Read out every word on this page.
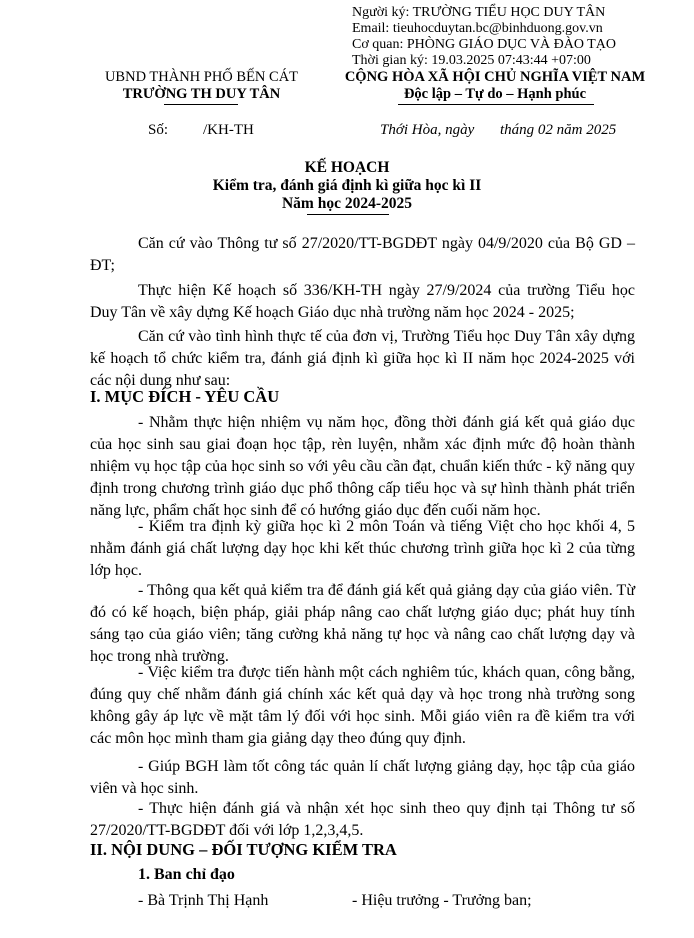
Người ký: TRƯỜNG TIỂU HỌC DUY TÂN
Email: tieuhocduytan.bc@binhduong.gov.vn
Cơ quan: PHÒNG GIÁO DỤC VÀ ĐÀO TẠO
Thời gian ký: 19.03.2025 07:43:44 +07:00
UBND THÀNH PHỐ BẾN CÁT
TRƯỜNG TH DUY TÂN
CỘNG HÒA XÃ HỘI CHỦ NGHĨA VIỆT NAM
Độc lập – Tự do – Hạnh phúc
Số: /KH-TH	Thới Hòa, ngày tháng 02 năm 2025
KẾ HOẠCH
Kiểm tra, đánh giá định kì giữa học kì II
Năm học 2024-2025
Căn cứ vào Thông tư số 27/2020/TT-BGDĐT ngày 04/9/2020 của Bộ GD –ĐT;
Thực hiện Kế hoạch số 336/KH-TH ngày 27/9/2024 của trường Tiểu học Duy Tân về xây dựng Kế hoạch Giáo dục nhà trường năm học 2024 - 2025;
Căn cứ vào tình hình thực tế của đơn vị, Trường Tiểu học Duy Tân xây dựng kế hoạch tổ chức kiểm tra, đánh giá định kì giữa học kì II năm học 2024-2025 với các nội dung như sau:
I. MỤC ĐÍCH - YÊU CẦU
- Nhằm thực hiện nhiệm vụ năm học, đồng thời đánh giá kết quả giáo dục của học sinh sau giai đoạn học tập, rèn luyện, nhằm xác định mức độ hoàn thành nhiệm vụ học tập của học sinh so với yêu cầu cần đạt, chuẩn kiến thức - kỹ năng quy định trong chương trình giáo dục phổ thông cấp tiểu học và sự hình thành phát triển năng lực, phẩm chất học sinh để có hướng giáo dục đến cuối năm học.
- Kiểm tra định kỳ giữa học kì 2 môn Toán và tiếng Việt cho học khối 4, 5 nhằm đánh giá chất lượng dạy học khi kết thúc chương trình giữa học kì 2 của từng lớp học.
- Thông qua kết quả kiểm tra để đánh giá kết quả giảng dạy của giáo viên. Từ đó có kế hoạch, biện pháp, giải pháp nâng cao chất lượng giáo dục; phát huy tính sáng tạo của giáo viên; tăng cường khả năng tự học và nâng cao chất lượng dạy và học trong nhà trường.
- Việc kiểm tra được tiến hành một cách nghiêm túc, khách quan, công bằng, đúng quy chế nhằm đánh giá chính xác kết quả dạy và học trong nhà trường song không gây áp lực về mặt tâm lý đối với học sinh. Mỗi giáo viên ra đề kiểm tra với các môn học mình tham gia giảng dạy theo đúng quy định.
- Giúp BGH làm tốt công tác quản lí chất lượng giảng dạy, học tập của giáo viên và học sinh.
- Thực hiện đánh giá và nhận xét học sinh theo quy định tại Thông tư số 27/2020/TT-BGDĐT đối với lớp 1,2,3,4,5.
II. NỘI DUNG – ĐỐI TƯỢNG KIỂM TRA
1. Ban chỉ đạo
- Bà Trịnh Thị Hạnh	- Hiệu trưởng - Trưởng ban;
